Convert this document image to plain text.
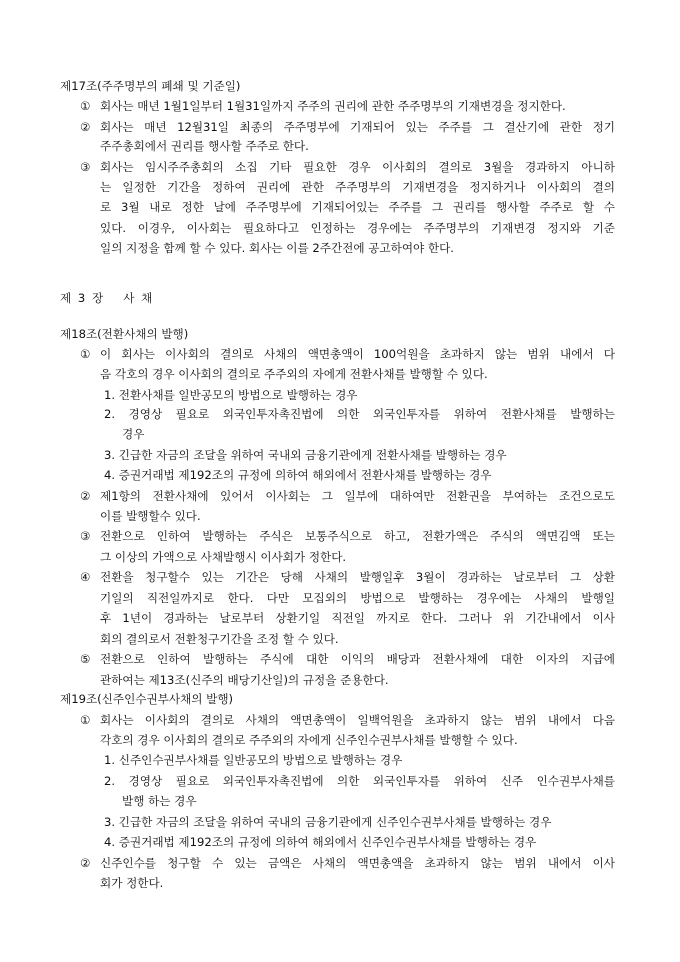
제17조(주주명부의 폐쇄 및 기준일)
① 회사는 매년 1월1일부터 1월31일까지 주주의 권리에 관한 주주명부의 기재변경을 정지한다.
② 회사는 매년 12월31일 최종의 주주명부에 기재되어 있는 주주를 그 결산기에 관한 정기
주주총회에서 권리를 행사할 주주로 한다.
③ 회사는 임시주주총회의 소집 기타 필요한 경우 이사회의 결의로 3월을 경과하지 아니하
는 일정한 기간을 정하여 권리에 관한 주주명부의 기재변경을 정지하거나 이사회의 결의
로 3월 내로 정한 날에 주주명부에 기재되어있는 주주를 그 권리를 행사할 주주로 할 수
있다. 이경우, 이사회는 필요하다고 인정하는 경우에는 주주명부의 기재변경 정지와 기준
일의 지정을 함께 할 수 있다. 회사는 이를 2주간전에 공고하여야 한다.
제 3 장 사 채
제18조(전환사채의 발행)
① 이 회사는 이사회의 결의로 사채의 액면총액이 100억원을 초과하지 않는 범위 내에서 다
음 각호의 경우 이사회의 결의로 주주외의 자에게 전환사채를 발행할 수 있다.
1. 전환사채를 일반공모의 방법으로 발행하는 경우
2. 경영상 필요로 외국인투자촉진법에 의한 외국인투자를 위하여 전환사채를 발행하는
경우
3. 긴급한 자금의 조달을 위하여 국내외 금융기관에게 전환사채를 발행하는 경우
4. 증권거래법 제192조의 규정에 의하여 해외에서 전환사채를 발행하는 경우
② 제1항의 전환사채에 있어서 이사회는 그 일부에 대하여만 전환권을 부여하는 조건으로도
이를 발행할수 있다.
③ 전환으로 인하여 발행하는 주식은 보통주식으로 하고, 전환가액은 주식의 액면김액 또는
그 이상의 가액으로 사채발행시 이사회가 정한다.
④ 전환을 청구할수 있는 기간은 당해 사채의 발행일후 3월이 경과하는 날로부터 그 상환
기일의 직전일까지로 한다. 다만 모집외의 방법으로 발행하는 경우에는 사채의 발행일
후 1년이 경과하는 날로부터 상환기일 직전일 까지로 한다. 그러나 위 기간내에서 이사
회의 결의로서 전환청구기간을 조정 할 수 있다.
⑤ 전환으로 인하여 발행하는 주식에 대한 이익의 배당과 전환사채에 대한 이자의 지급에
관하여는 제13조(신주의 배당기산일)의 규정을 준용한다.
제19조(신주인수권부사채의 발행)
① 회사는 이사회의 결의로 사채의 액면총액이 일백억원을 초과하지 않는 범위 내에서 다음
각호의 경우 이사회의 결의로 주주외의 자에게 신주인수권부사채를 발행할 수 있다.
1. 신주인수권부사채를 일반공모의 방법으로 발행하는 경우
2. 경영상 필요로 외국인투자촉진법에 의한 외국인투자를 위하여 신주 인수권부사채를
발행 하는 경우
3. 긴급한 자금의 조달을 위하여 국내의 금융기관에게 신주인수권부사채를 발행하는 경우
4. 증권거래법 제192조의 규정에 의하여 해외에서 신주인수권부사채를 발행하는 경우
② 신주인수를 청구할 수 있는 금액은 사채의 액면총액을 초과하지 않는 범위 내에서 이사
회가 정한다.
